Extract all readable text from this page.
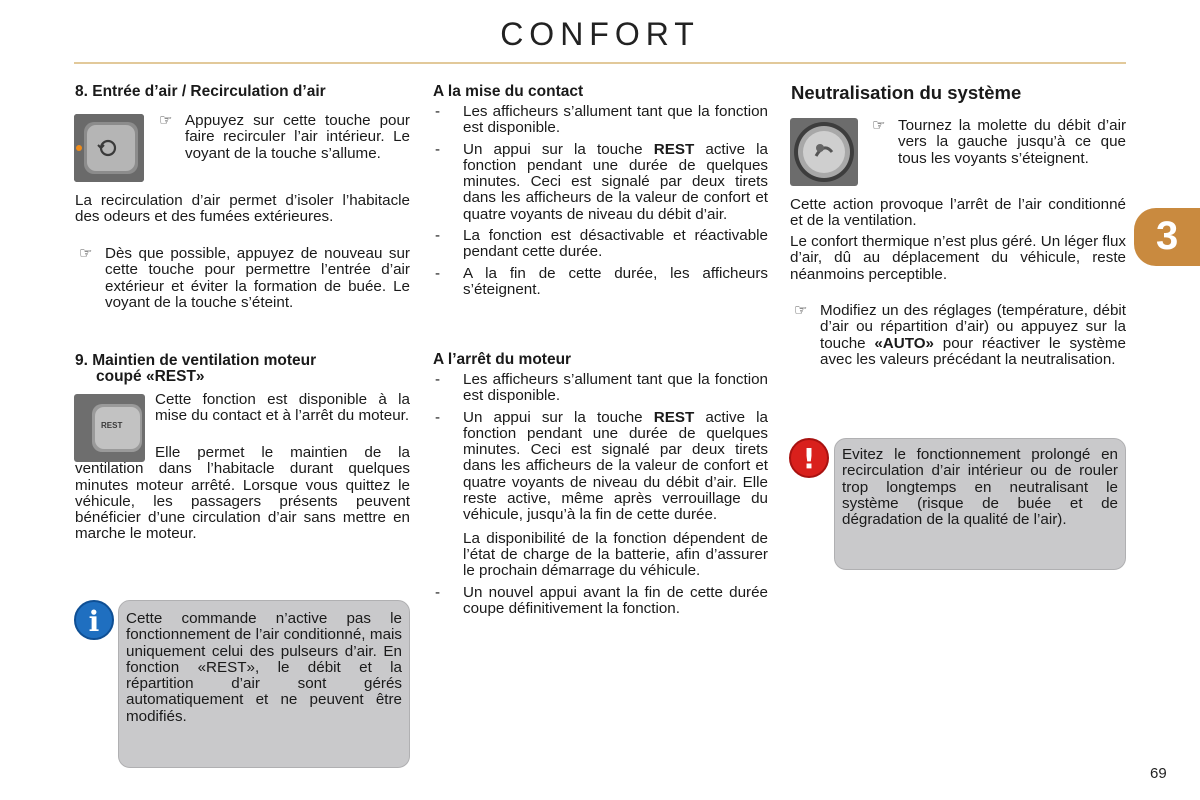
CONFORT
3
8. Entrée d’air / Recirculation d’air
☞ Appuyez sur cette touche pour faire recirculer l’air intérieur. Le voyant de la touche s’allume.

La recirculation d’air permet d’isoler l’habitacle des odeurs et des fumées extérieures.

☞ Dès que possible, appuyez de nouveau sur cette touche pour permettre l’entrée d’air extérieur et éviter la formation de buée. Le voyant de la touche s’éteint.
9. Maintien de ventilation moteur
coupé «REST»
REST

Cette fonction est disponible à la mise du contact et à l’arrêt du moteur.

Elle permet le maintien de la ventilation dans l’habitacle durant quelques minutes moteur arrêté. Lorsque vous quittez le véhicule, les passagers présents peuvent bénéficier d’une circulation d’air sans mettre en marche le moteur.
i	Cette commande n’active pas le fonctionnement de l’air conditionné, mais uniquement celui des pulseurs d’air. En fonction «REST», le débit et la répartition d’air sont gérés automatiquement et ne peuvent être modifiés.

A la mise du contact
- Les afficheurs s’allument tant que la fonction est disponible.
- Un appui sur la touche REST active la fonction pendant une durée de quelques minutes. Ceci est signalé par deux tirets dans les afficheurs de la valeur de confort et quatre voyants de niveau du débit d’air.
- La fonction est désactivable et réactivable pendant cette durée.
- A la fin de cette durée, les afficheurs s’éteignent.
A l’arrêt du moteur
- Les afficheurs s’allument tant que la fonction est disponible.
- Un appui sur la touche REST active la fonction pendant une durée de quelques minutes. Ceci est signalé par deux tirets dans les afficheurs de la valeur de confort et quatre voyants de niveau du débit d’air. Elle reste active, même après verrouillage du véhicule, jusqu’à la fin de cette durée.

La disponibilité de la fonction dépendent de l’état de charge de la batterie, afin d’assurer le prochain démarrage du véhicule.

- Un nouvel appui avant la fin de cette durée coupe définitivement la fonction.
Neutralisation du système
☞ Tournez la molette du débit d’air vers la gauche jusqu’à ce que tous les voyants s’éteignent.

Cette action provoque l’arrêt de l’air conditionné et de la ventilation.

Le confort thermique n’est plus géré. Un léger flux d’air, dû au déplacement du véhicule, reste néanmoins perceptible.

☞ Modifiez un des réglages (température, débit d’air ou répartition d’air) ou appuyez sur la touche «AUTO» pour réactiver le système avec les valeurs précédant la neutralisation.
!	Evitez le fonctionnement prolongé en recirculation d’air intérieur ou de rouler trop longtemps en neutralisant le système (risque de buée et de dégradation de la qualité de l’air).

69
